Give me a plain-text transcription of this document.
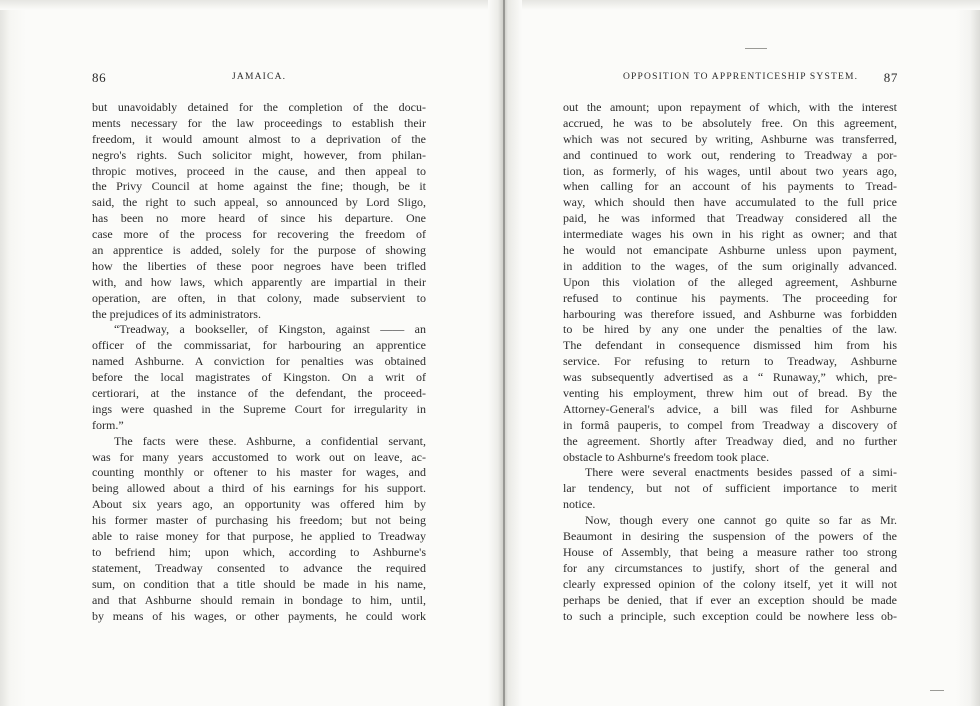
86	JAMAICA.
but unavoidably detained for the completion of the docu-
ments necessary for the law proceedings to establish their
freedom, it would amount almost to a deprivation of the
negro's rights. Such solicitor might, however, from philan-
thropic motives, proceed in the cause, and then appeal to
the Privy Council at home against the fine; though, be it
said, the right to such appeal, so announced by Lord Sligo,
has been no more heard of since his departure. One
case more of the process for recovering the freedom of
an apprentice is added, solely for the purpose of showing
how the liberties of these poor negroes have been trifled
with, and how laws, which apparently are impartial in their
operation, are often, in that colony, made subservient to
the prejudices of its administrators.
“Treadway, a bookseller, of Kingston, against —— an
officer of the commissariat, for harbouring an apprentice
named Ashburne. A conviction for penalties was obtained
before the local magistrates of Kingston. On a writ of
certiorari, at the instance of the defendant, the proceed-
ings were quashed in the Supreme Court for irregularity in
form.”
The facts were these. Ashburne, a confidential servant,
was for many years accustomed to work out on leave, ac-
counting monthly or oftener to his master for wages, and
being allowed about a third of his earnings for his support.
About six years ago, an opportunity was offered him by
his former master of purchasing his freedom; but not being
able to raise money for that purpose, he applied to Treadway
to befriend him; upon which, according to Ashburne's
statement, Treadway consented to advance the required
sum, on condition that a title should be made in his name,
and that Ashburne should remain in bondage to him, until,
by means of his wages, or other payments, he could work
OPPOSITION TO APPRENTICESHIP SYSTEM. 87
out the amount; upon repayment of which, with the interest
accrued, he was to be absolutely free. On this agreement,
which was not secured by writing, Ashburne was transferred,
and continued to work out, rendering to Treadway a por-
tion, as formerly, of his wages, until about two years ago,
when calling for an account of his payments to Tread-
way, which should then have accumulated to the full price
paid, he was informed that Treadway considered all the
intermediate wages his own in his right as owner; and that
he would not emancipate Ashburne unless upon payment,
in addition to the wages, of the sum originally advanced.
Upon this violation of the alleged agreement, Ashburne
refused to continue his payments. The proceeding for
harbouring was therefore issued, and Ashburne was forbidden
to be hired by any one under the penalties of the law.
The defendant in consequence dismissed him from his
service. For refusing to return to Treadway, Ashburne
was subsequently advertised as a “ Runaway,” which, pre-
venting his employment, threw him out of bread. By the
Attorney-General's advice, a bill was filed for Ashburne
in formâ pauperis, to compel from Treadway a discovery of
the agreement. Shortly after Treadway died, and no further
obstacle to Ashburne's freedom took place.
There were several enactments besides passed of a simi-
lar tendency, but not of sufficient importance to merit
notice.
Now, though every one cannot go quite so far as Mr.
Beaumont in desiring the suspension of the powers of the
House of Assembly, that being a measure rather too strong
for any circumstances to justify, short of the general and
clearly expressed opinion of the colony itself, yet it will not
perhaps be denied, that if ever an exception should be made
to such a principle, such exception could be nowhere less ob-
